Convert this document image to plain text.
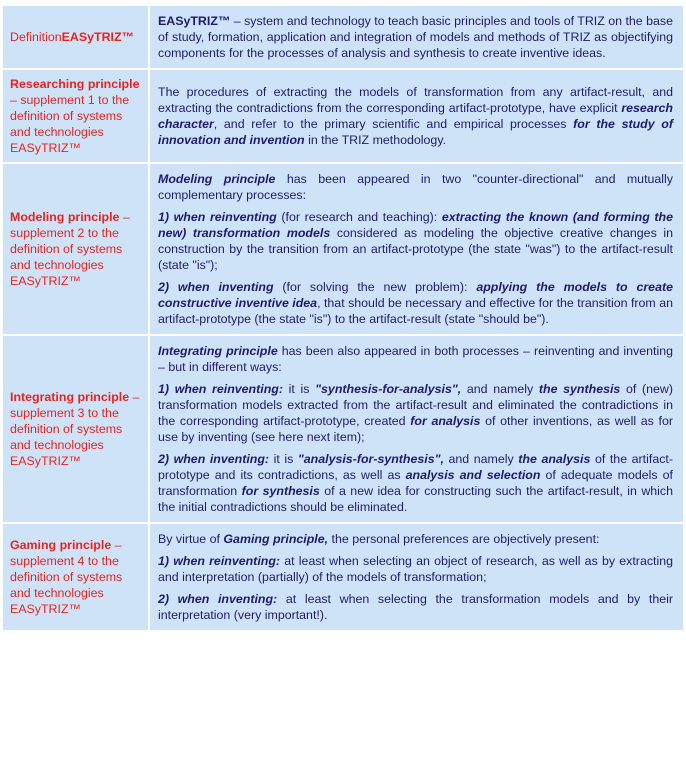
DefinitionEASyTRIZ™	EASyTRIZ™ – system and technology to teach basic principles and tools of TRIZ on the base of study, formation, application and integration of models and methods of TRIZ as objectifying components for the processes of analysis and synthesis to create inventive ideas.

Researching principle – supplement 1 to the definition of systems and technologies EASyTRIZ™	The procedures of extracting the models of transformation from any artifact-result, and extracting the contradictions from the corresponding artifact-prototype, have explicit research character, and refer to the primary scientific and empirical processes for the study of innovation and invention in the TRIZ methodology.

Modeling principle – supplement 2 to the definition of systems and technologies EASyTRIZ™	Modeling principle has been appeared in two "counter-directional" and mutually complementary processes:

1) when reinventing (for research and teaching): extracting the known (and forming the new) transformation models considered as modeling the objective creative changes in construction by the transition from an artifact-prototype (the state "was") to the artifact-result (state "is");

2) when inventing (for solving the new problem): applying the models to create constructive inventive idea, that should be necessary and effective for the transition from an artifact-prototype (the state "is") to the artifact-result (state "should be").

Integrating principle – supplement 3 to the definition of systems and technologies EASyTRIZ™	Integrating principle has been also appeared in both processes – reinventing and inventing – but in different ways:

1) when reinventing: it is "synthesis-for-analysis", and namely the synthesis of (new) transformation models extracted from the artifact-result and eliminated the contradictions in the corresponding artifact-prototype, created for analysis of other inventions, as well as for use by inventing (see here next item);

2) when inventing: it is "analysis-for-synthesis", and namely the analysis of the artifact-prototype and its contradictions, as well as analysis and selection of adequate models of transformation for synthesis of a new idea for constructing such the artifact-result, in which the initial contradictions should be eliminated.

Gaming principle – supplement 4 to the definition of systems and technologies EASyTRIZ™	By virtue of Gaming principle, the personal preferences are objectively present:

1) when reinventing: at least when selecting an object of research, as well as by extracting and interpretation (partially) of the models of transformation;

2) when inventing: at least when selecting the transformation models and by their interpretation (very important!).
